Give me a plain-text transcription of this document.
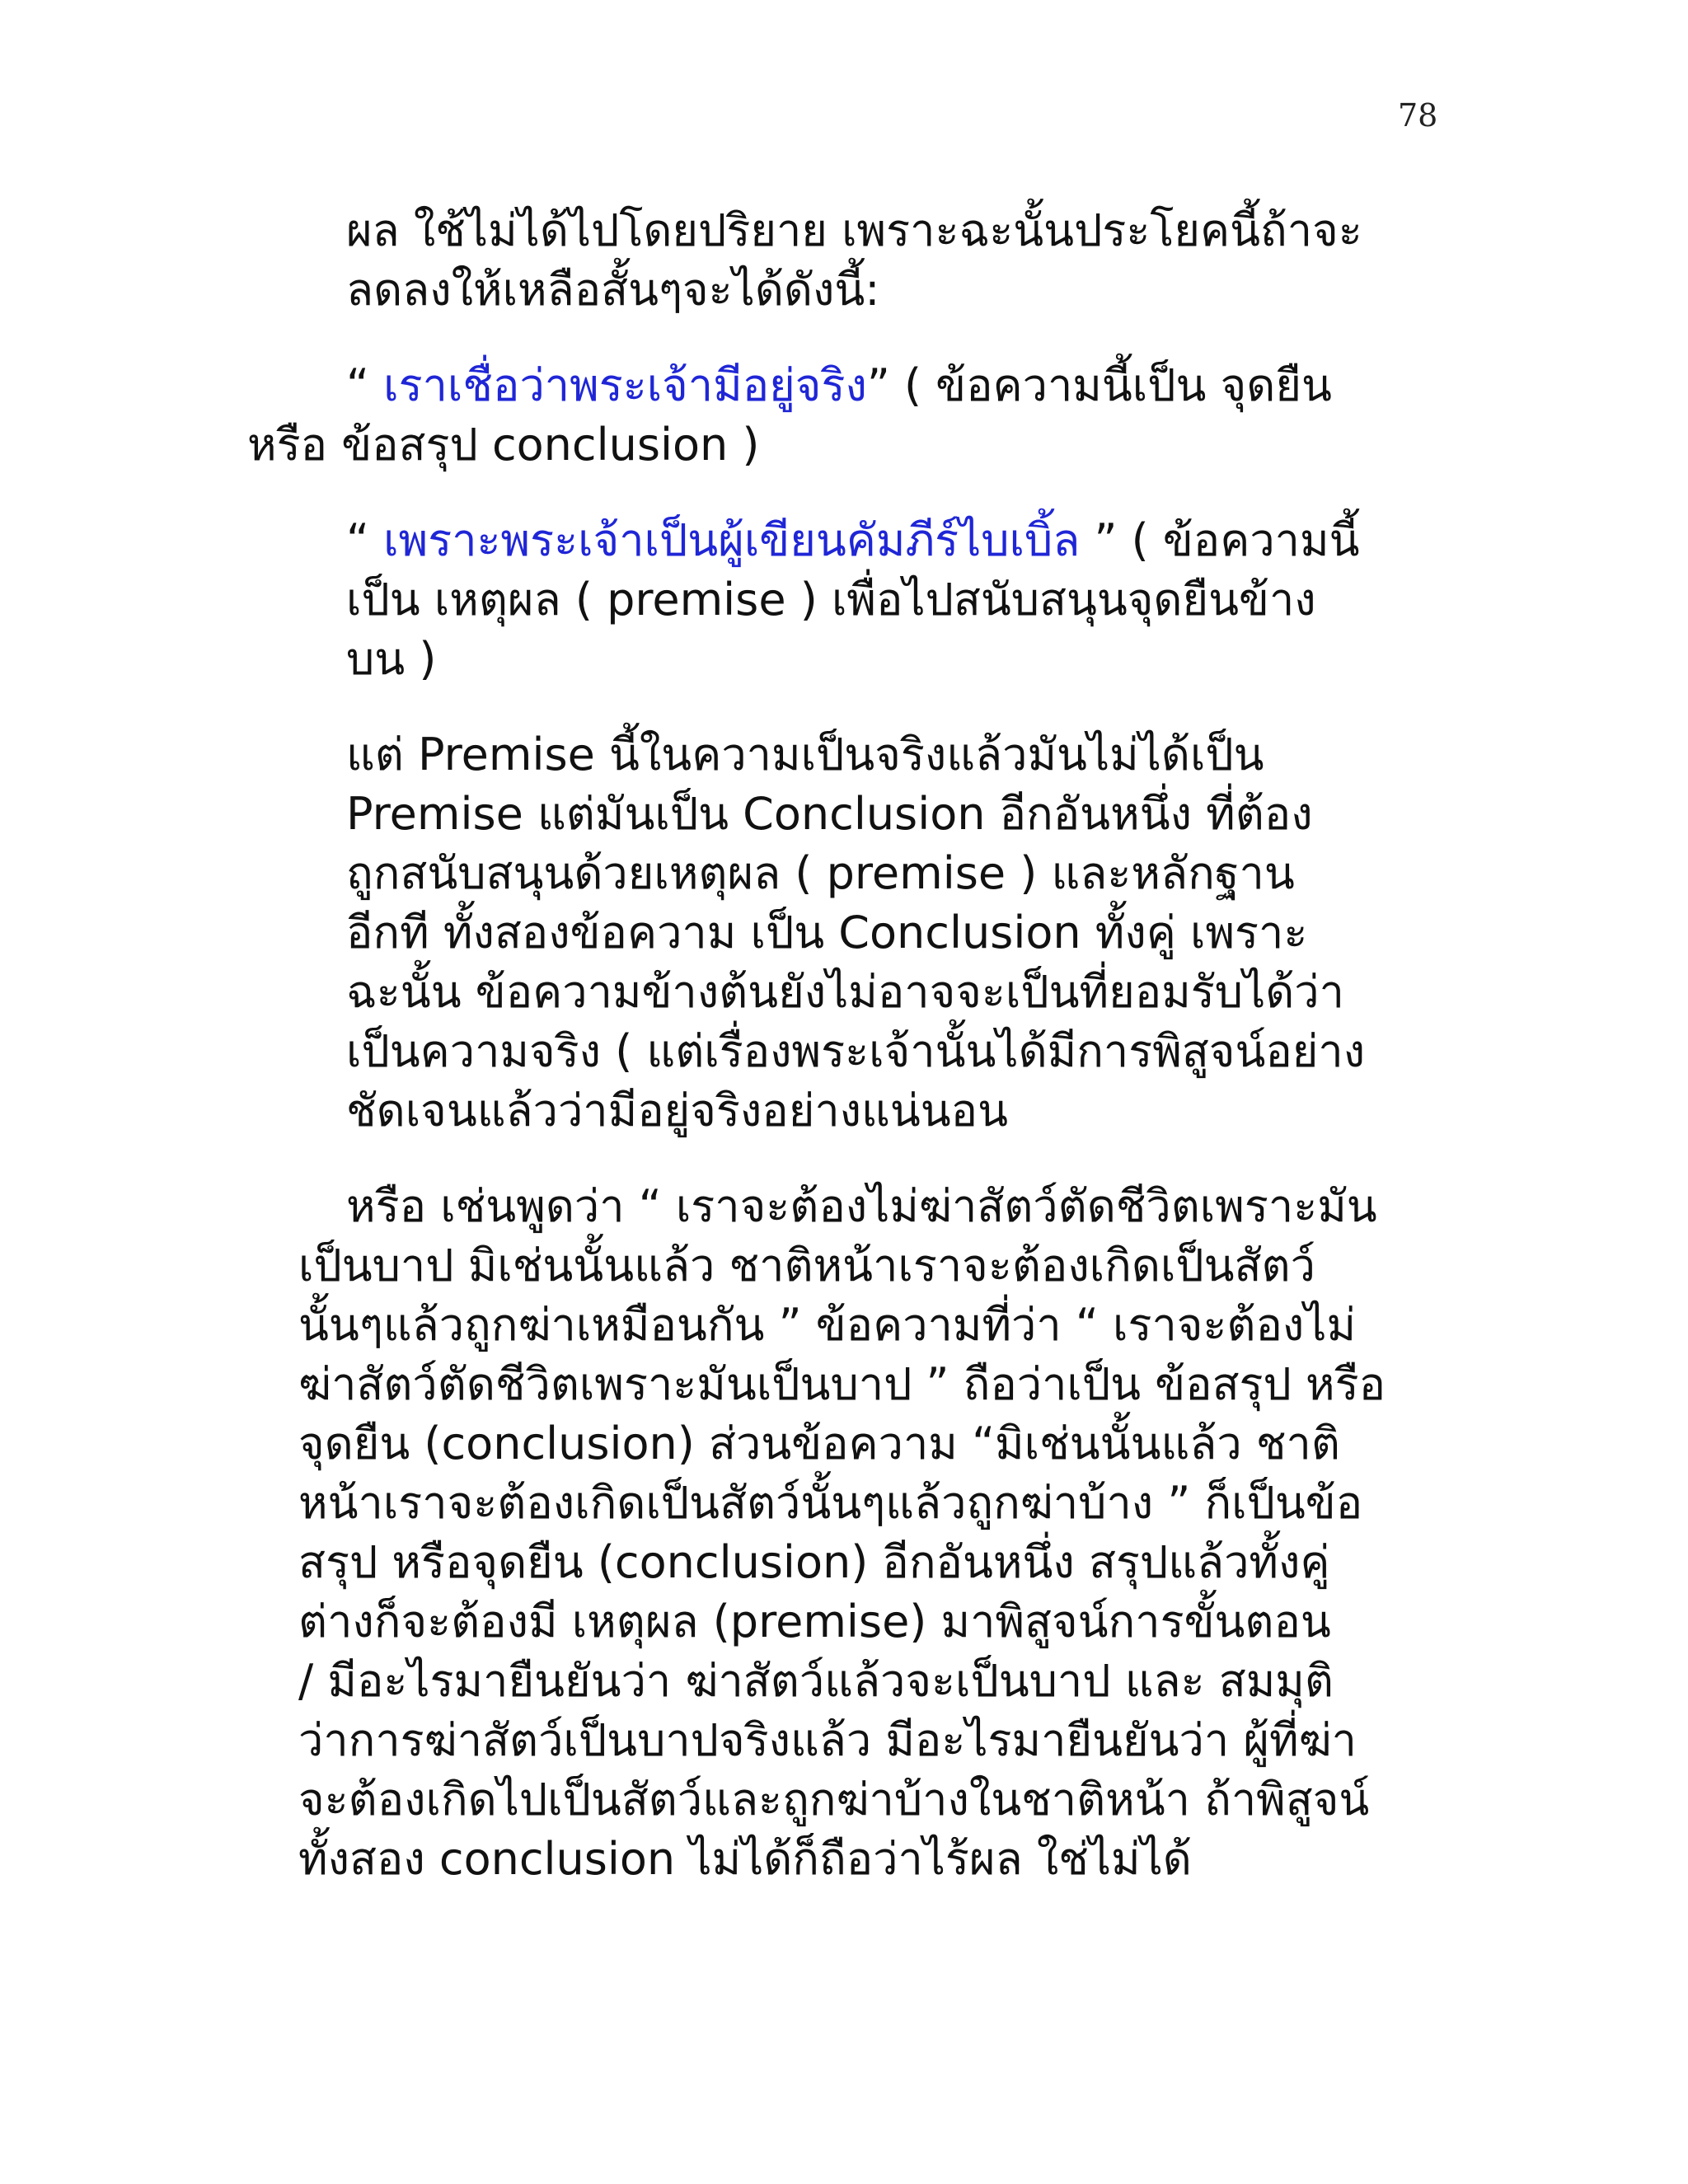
78
ผล ใช้ไม่ได้ไปโดยปริยาย เพราะฉะนั้นประโยคนี้ถ้าจะ
ลดลงให้เหลือสั้นๆจะได้ดังนี้:
“ เราเชื่อว่าพระเจ้ามีอยู่จริง” ( ข้อความนี้เป็น จุดยืน
หรือ ข้อสรุป conclusion )
“ เพราะพระเจ้าเป็นผู้เขียนคัมภีร์ไบเบิ้ล ” ( ข้อความนี้
เป็น เหตุผล ( premise ) เพื่อไปสนับสนุนจุดยืนข้าง
บน )
แต่ Premise นี้ในความเป็นจริงแล้วมันไม่ได้เป็น
Premise แต่มันเป็น Conclusion อีกอันหนึ่ง ที่ต้อง
ถูกสนับสนุนด้วยเหตุผล ( premise ) และหลักฐาน
อีกที ทั้งสองข้อความ เป็น Conclusion ทั้งคู่ เพราะ
ฉะนั้น ข้อความข้างต้นยังไม่อาจจะเป็นที่ยอมรับได้ว่า
เป็นความจริง ( แต่เรื่องพระเจ้านั้นได้มีการพิสูจน์อย่าง
ชัดเจนแล้วว่ามีอยู่จริงอย่างแน่นอน
หรือ เช่นพูดว่า “ เราจะต้องไม่ฆ่าสัตว์ตัดชีวิตเพราะมัน
เป็นบาป มิเช่นนั้นแล้ว ชาติหน้าเราจะต้องเกิดเป็นสัตว์
นั้นๆแล้วถูกฆ่าเหมือนกัน ” ข้อความที่ว่า “ เราจะต้องไม่
ฆ่าสัตว์ตัดชีวิตเพราะมันเป็นบาป ” ถือว่าเป็น ข้อสรุป หรือ
จุดยืน (conclusion) ส่วนข้อความ “มิเช่นนั้นแล้ว ชาติ
หน้าเราจะต้องเกิดเป็นสัตว์นั้นๆแล้วถูกฆ่าบ้าง ” ก็เป็นข้อ
สรุป หรือจุดยืน (conclusion) อีกอันหนึ่ง สรุปแล้วทั้งคู่
ต่างก็จะต้องมี เหตุผล (premise) มาพิสูจน์การขั้นตอน
/ มีอะไรมายืนยันว่า ฆ่าสัตว์แล้วจะเป็นบาป และ สมมุติ
ว่าการฆ่าสัตว์เป็นบาปจริงแล้ว มีอะไรมายืนยันว่า ผู้ที่ฆ่า
จะต้องเกิดไปเป็นสัตว์และถูกฆ่าบ้างในชาติหน้า ถ้าพิสูจน์
ทั้งสอง conclusion ไม่ได้ก็ถือว่าไร้ผล ใช่ไม่ได้
